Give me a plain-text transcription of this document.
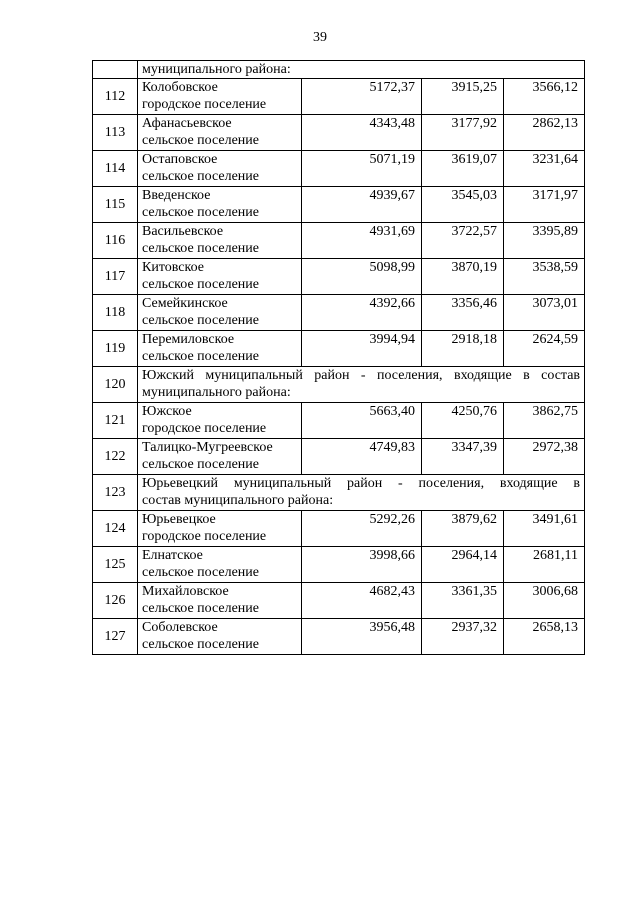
39
	муниципального района:			
112	Колобовское
городское поселение	5172,37	3915,25	3566,12
113	Афанасьевское
сельское поселение	4343,48	3177,92	2862,13
114	Остаповское
сельское поселение	5071,19	3619,07	3231,64
115	Введенское
сельское поселение	4939,67	3545,03	3171,97
116	Васильевское
сельское поселение	4931,69	3722,57	3395,89
117	Китовское
сельское поселение	5098,99	3870,19	3538,59
118	Семейкинское
сельское поселение	4392,66	3356,46	3073,01
119	Перемиловское
сельское поселение	3994,94	2918,18	2624,59
120	Южский муниципальный район - поселения, входящие в состав
муниципального района:			

121	Южское
городское поселение	5663,40	4250,76	3862,75
122	Талицко-Мугреевское
сельское поселение	4749,83	3347,39	2972,38
123	Юрьевецкий муниципальный район - поселения, входящие в
состав муниципального района:			

124	Юрьевецкое
городское поселение	5292,26	3879,62	3491,61
125	Елнатское
сельское поселение	3998,66	2964,14	2681,11
126	Михайловское
сельское поселение	4682,43	3361,35	3006,68
127	Соболевское
сельское поселение	3956,48	2937,32	2658,13
